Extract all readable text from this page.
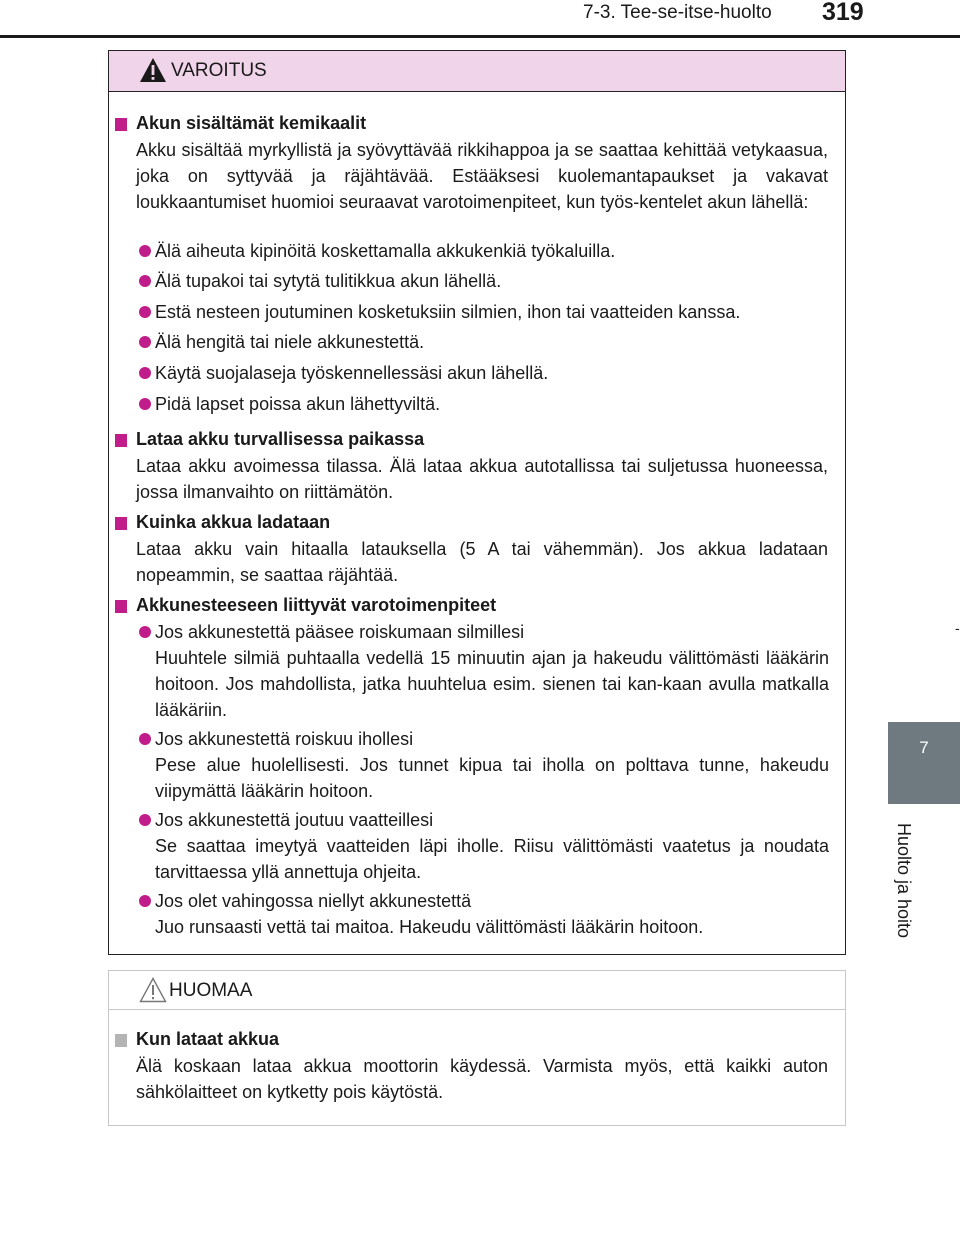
7-3. Tee-se-itse-huolto 319
-
7
Huolto ja hoito
VAROITUS
Akun sisältämät kemikaalit
Akku sisältää myrkyllistä ja syövyttävää rikkihappoa ja se saattaa kehittää vetykaasua, joka on syttyvää ja räjähtävää. Estääksesi kuolemantapaukset ja vakavat loukkaantumiset huomioi seuraavat varotoimenpiteet, kun työs-kentelet akun lähellä:
Älä aiheuta kipinöitä koskettamalla akkukenkiä työkaluilla.
Älä tupakoi tai sytytä tulitikkua akun lähellä.
Estä nesteen joutuminen kosketuksiin silmien, ihon tai vaatteiden kanssa.
Älä hengitä tai niele akkunestettä.
Käytä suojalaseja työskennellessäsi akun lähellä.
Pidä lapset poissa akun lähettyviltä.
Lataa akku turvallisessa paikassa
Lataa akku avoimessa tilassa. Älä lataa akkua autotallissa tai suljetussa huoneessa, jossa ilmanvaihto on riittämätön.
Kuinka akkua ladataan
Lataa akku vain hitaalla latauksella (5 A tai vähemmän). Jos akkua ladataan nopeammin, se saattaa räjähtää.
Akkunesteeseen liittyvät varotoimenpiteet
Jos akkunestettä pääsee roiskumaan silmillesi
Huuhtele silmiä puhtaalla vedellä 15 minuutin ajan ja hakeudu välittömästi lääkärin hoitoon. Jos mahdollista, jatka huuhtelua esim. sienen tai kan-kaan avulla matkalla lääkäriin.
Jos akkunestettä roiskuu ihollesi
Pese alue huolellisesti. Jos tunnet kipua tai iholla on polttava tunne, hakeudu viipymättä lääkärin hoitoon.
Jos akkunestettä joutuu vaatteillesi
Se saattaa imeytyä vaatteiden läpi iholle. Riisu välittömästi vaatetus ja noudata tarvittaessa yllä annettuja ohjeita.
Jos olet vahingossa niellyt akkunestettä
Juo runsaasti vettä tai maitoa. Hakeudu välittömästi lääkärin hoitoon.
HUOMAA
Kun lataat akkua
Älä koskaan lataa akkua moottorin käydessä. Varmista myös, että kaikki auton sähkölaitteet on kytketty pois käytöstä.
